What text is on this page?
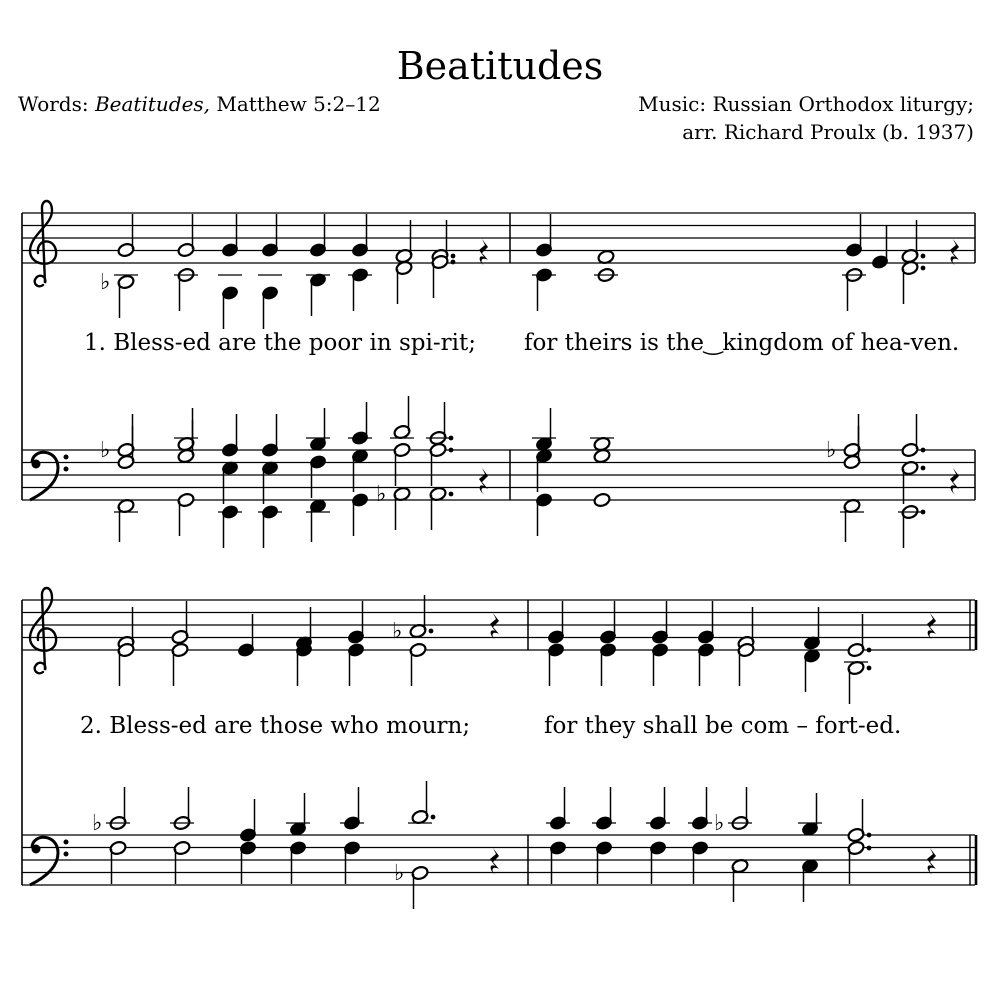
Beatitudes
Words: Beatitudes, Matthew 5:2–12	Music: Russian Orthodox liturgy;
arr. Richard Proulx (b. 1937)
1. Bless-ed are the poor in spi-rit; for theirs is the‿kingdom of hea-ven.
2. Bless-ed are those who mourn;	for they shall be com – fort-ed.
♭
♭
♭
♭
♭
♭
♭
♭
